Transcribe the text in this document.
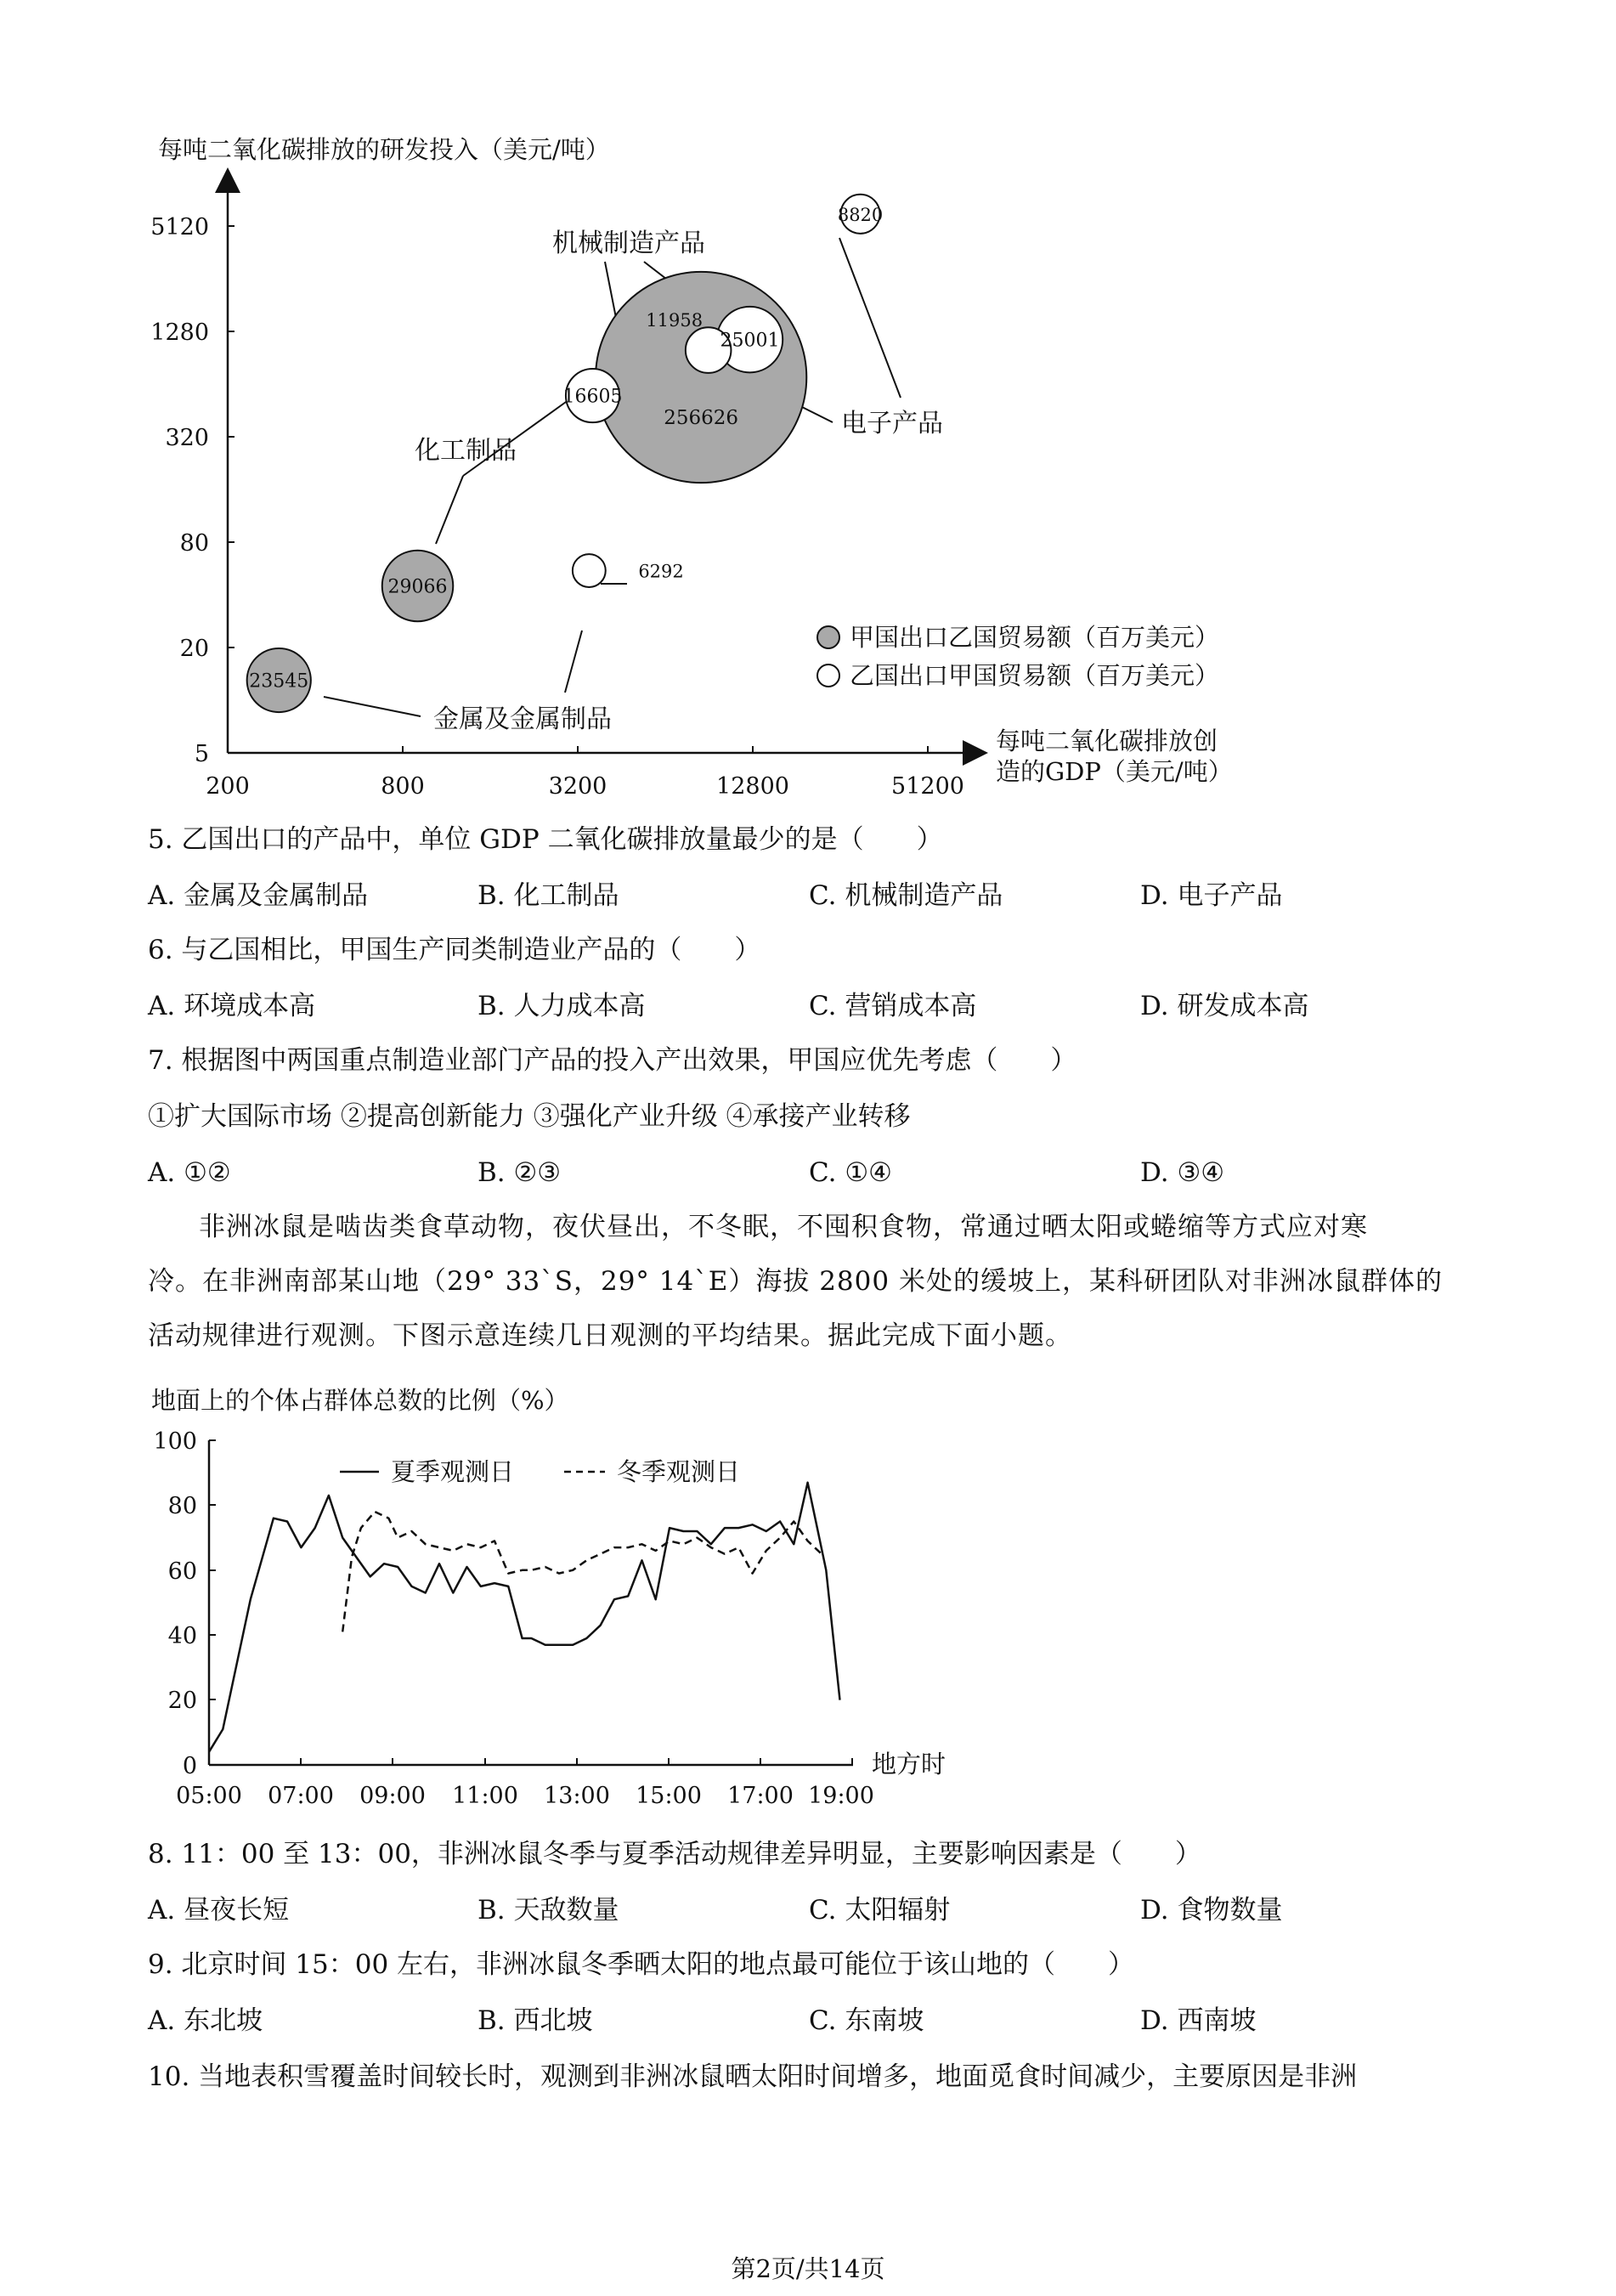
每吨二氧化碳排放的研发投入（美元/吨）
每吨二氧化碳排放创
造的GDP（美元/吨）
5120
1280
320
80
20
5
200	800	3200	12800	51200
256626
29066
25001
23545
16605
11958
8820
6292
机械制造产品
电子产品
化工制品
金属及金属制品
甲国出口乙国贸易额（百万美元）
乙国出口甲国贸易额（百万美元）
5. 乙国出口的产品中，单位 GDP 二氧化碳排放量最少的是（　　）
A. 金属及金属制品	B. 化工制品	C. 机械制造产品	D. 电子产品
6. 与乙国相比，甲国生产同类制造业产品的（　　）
A. 环境成本高	B. 人力成本高	C. 营销成本高	D. 研发成本高
7. 根据图中两国重点制造业部门产品的投入产出效果，甲国应优先考虑（　　）
①扩大国际市场 ②提高创新能力 ③强化产业升级 ④承接产业转移
A. ①②	B. ②③	C. ①④	D. ③④
非洲冰鼠是啮齿类食草动物，夜伏昼出，不冬眠，不囤积食物，常通过晒太阳或蜷缩等方式应对寒
冷。在非洲南部某山地（29° 33`S，29° 14`E）海拔 2800 米处的缓坡上，某科研团队对非洲冰鼠群体的
活动规律进行观测。下图示意连续几日观测的平均结果。据此完成下面小题。
地面上的个体占群体总数的比例（%）
地方时
100
80
60
40
20
0
05:00 07:00 09:00 11:00 13:00 15:00 17:00 19:00
夏季观测日	冬季观测日
8. 11：00 至 13：00，非洲冰鼠冬季与夏季活动规律差异明显，主要影响因素是（　　）
A. 昼夜长短	B. 天敌数量	C. 太阳辐射	D. 食物数量
9. 北京时间 15：00 左右，非洲冰鼠冬季晒太阳的地点最可能位于该山地的（　　）
A. 东北坡	B. 西北坡	C. 东南坡	D. 西南坡
10. 当地表积雪覆盖时间较长时，观测到非洲冰鼠晒太阳时间增多，地面觅食时间减少，主要原因是非洲
第2页/共14页
